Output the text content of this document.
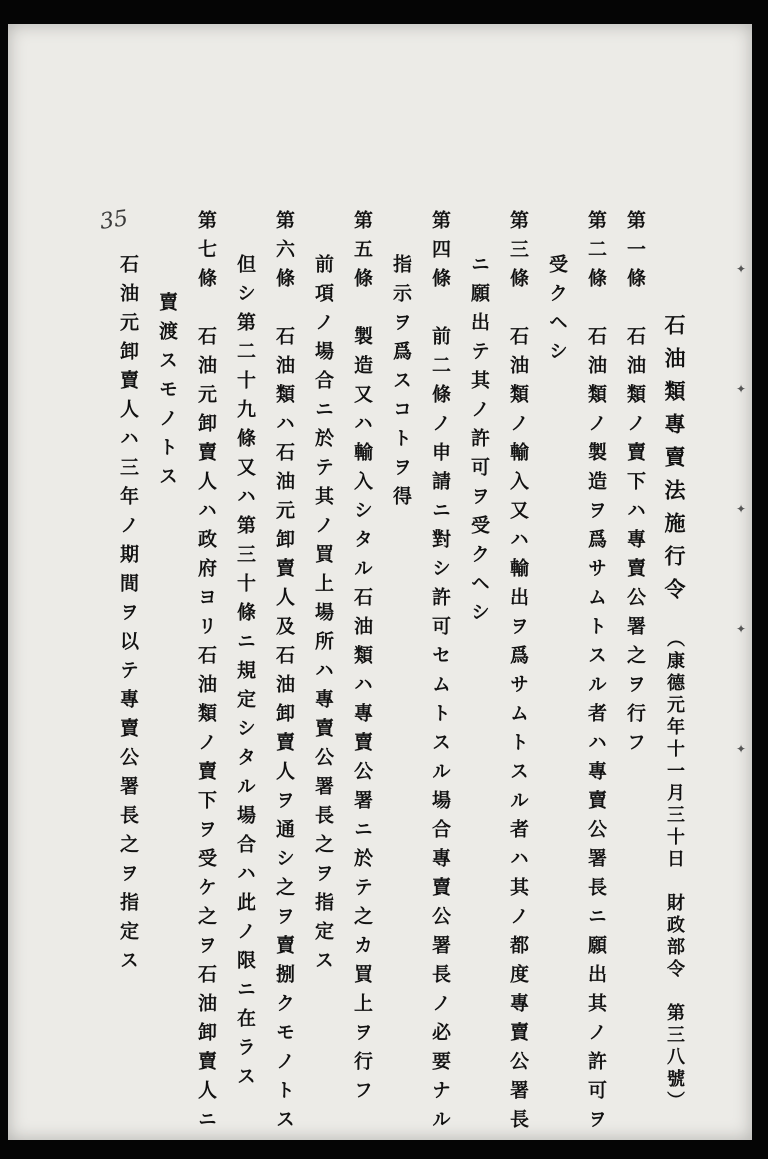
35
石油類專賣法施行令（康德元年十一月三十日　財政部令　第三八號）
第一條　石油類ノ賣下ハ專賣公署之ヲ行フ
第二條　石油類ノ製造ヲ爲サムトスル者ハ專賣公署長ニ願出其ノ許可ヲ
受クヘシ
第三條　石油類ノ輸入又ハ輸出ヲ爲サムトスル者ハ其ノ都度專賣公署長
ニ願出テ其ノ許可ヲ受クヘシ
第四條　前二條ノ申請ニ對シ許可セムトスル場合專賣公署長ノ必要ナル
指示ヲ爲スコトヲ得
第五條　製造又ハ輸入シタル石油類ハ專賣公署ニ於テ之カ買上ヲ行フ
前項ノ場合ニ於テ其ノ買上場所ハ專賣公署長之ヲ指定ス
第六條　石油類ハ石油元卸賣人及石油卸賣人ヲ通シ之ヲ賣捌クモノトス
但シ第二十九條又ハ第三十條ニ規定シタル場合ハ此ノ限ニ在ラス
第七條　石油元卸賣人ハ政府ヨリ石油類ノ賣下ヲ受ケ之ヲ石油卸賣人ニ
賣渡スモノトス
石油元卸賣人ハ三年ノ期間ヲ以テ專賣公署長之ヲ指定ス	✦
✦
✦
✦
✦
